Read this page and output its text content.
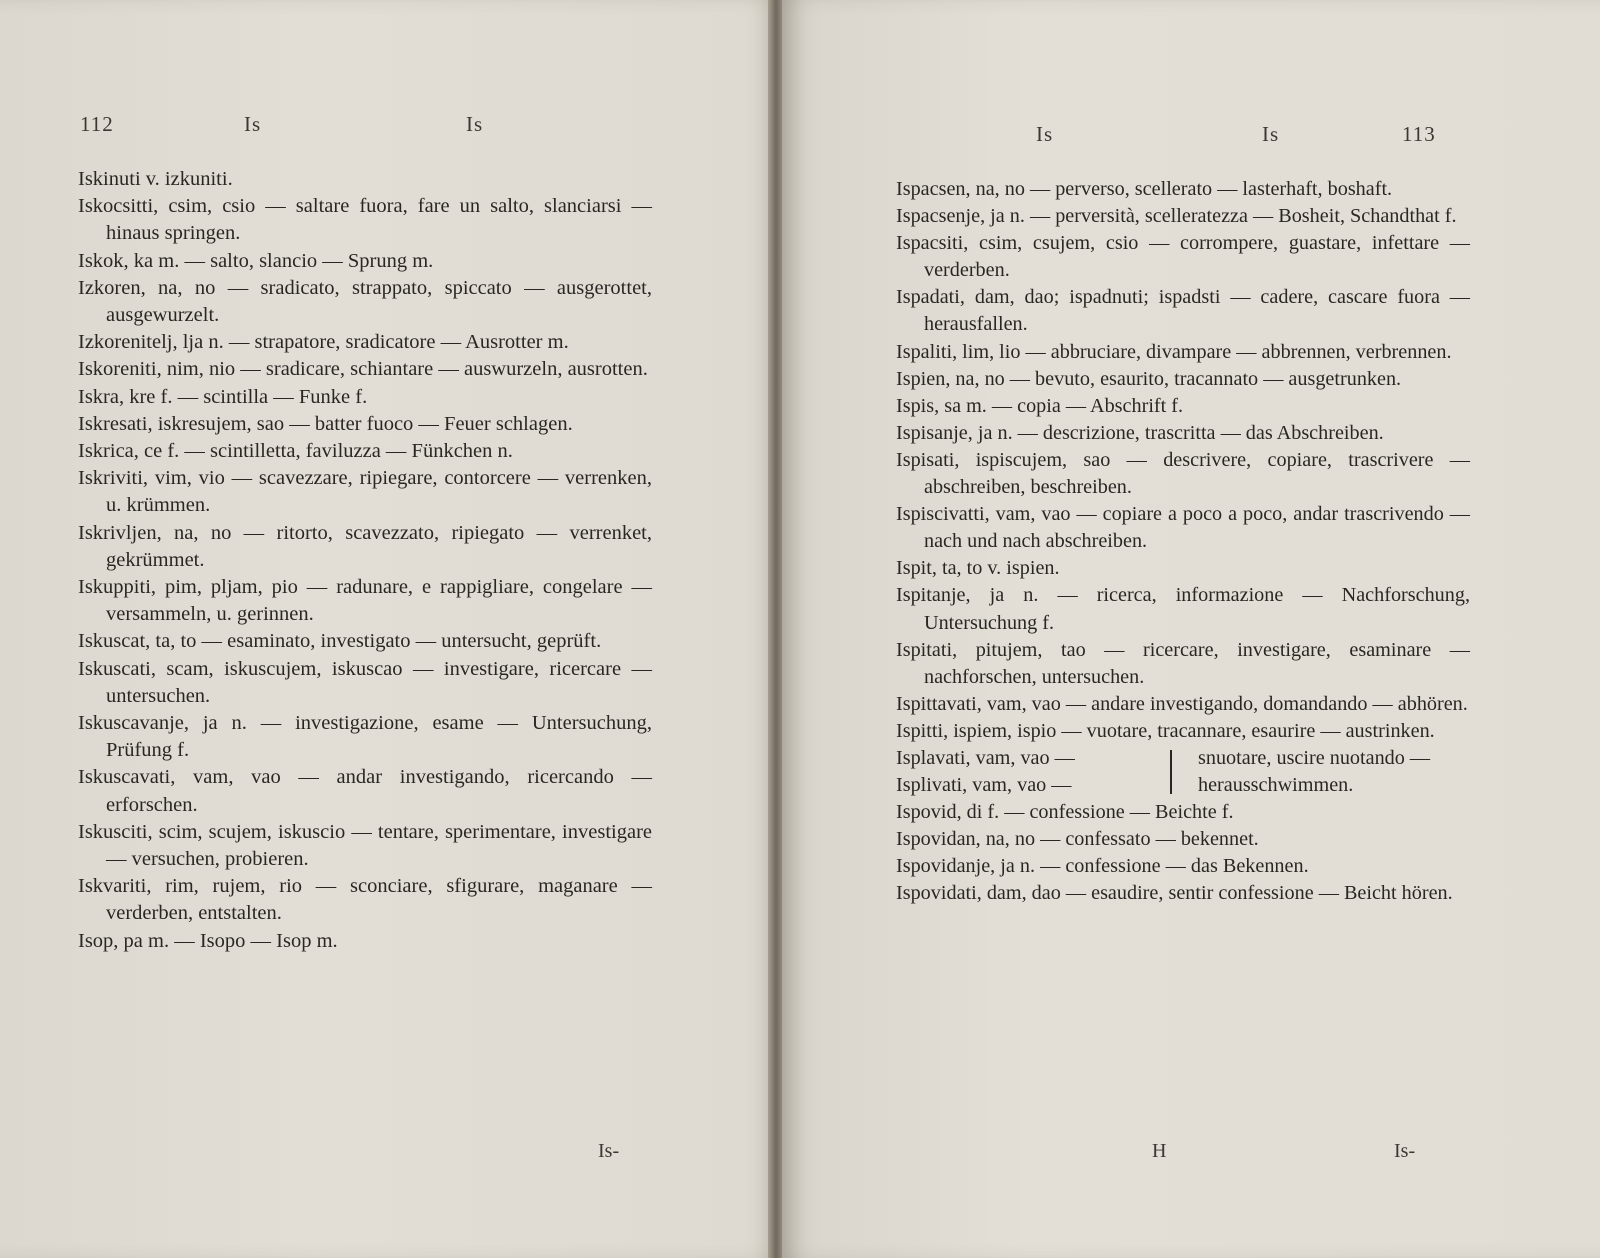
112	Is	Is
Iskinuti v. izkuniti.
Iskocsitti, csim, csio — saltare fuora, fare un salto, slanciarsi — hinaus springen.
Iskok, ka m. — salto, slancio — Sprung m.
Izkoren, na, no — sradicato, strappato, spiccato — ausgerottet, ausgewurzelt.
Izkorenitelj, lja n. — strapatore, sradicatore — Ausrotter m.
Iskoreniti, nim, nio — sradicare, schiantare — auswurzeln, ausrotten.
Iskra, kre f. — scintilla — Funke f.
Iskresati, iskresujem, sao — batter fuoco — Feuer schlagen.
Iskrica, ce f. — scintilletta, faviluzza — Fünkchen n.
Iskriviti, vim, vio — scavezzare, ripiegare, contorcere — verrenken, u. krümmen.
Iskrivljen, na, no — ritorto, scavezzato, ripiegato — verrenket, gekrümmet.
Iskuppiti, pim, pljam, pio — radunare, e rappigliare, congelare — versammeln, u. gerinnen.
Iskuscat, ta, to — esaminato, investigato — untersucht, geprüft.
Iskuscati, scam, iskuscujem, iskuscao — investigare, ricercare — untersuchen.
Iskuscavanje, ja n. — investigazione, esame — Untersuchung, Prüfung f.
Iskuscavati, vam, vao — andar investigando, ricercando — erforschen.
Iskusciti, scim, scujem, iskuscio — tentare, sperimentare, investigare — versuchen, probieren.
Iskvariti, rim, rujem, rio — sconciare, sfigurare, maganare — verderben, entstalten.
Isop, pa m. — Isopo — Isop m.
Is-
Is	Is	113
Ispacsen, na, no — perverso, scellerato — lasterhaft, boshaft.
Ispacsenje, ja n. — perversità, scelleratezza — Bosheit, Schandthat f.
Ispacsiti, csim, csujem, csio — corrompere, guastare, infettare — verderben.
Ispadati, dam, dao; ispadnuti; ispadsti — cadere, cascare fuora — herausfallen.
Ispaliti, lim, lio — abbruciare, divampare — abbrennen, verbrennen.
Ispien, na, no — bevuto, esaurito, tracannato — ausgetrunken.
Ispis, sa m. — copia — Abschrift f.
Ispisanje, ja n. — descrizione, trascritta — das Abschreiben.
Ispisati, ispiscujem, sao — descrivere, copiare, trascrivere — abschreiben, beschreiben.
Ispiscivatti, vam, vao — copiare a poco a poco, andar trascrivendo — nach und nach abschreiben.
Ispit, ta, to v. ispien.
Ispitanje, ja n. — ricerca, informazione — Nachforschung, Untersuchung f.
Ispitati, pitujem, tao — ricercare, investigare, esaminare — nachforschen, untersuchen.
Ispittavati, vam, vao — andare investigando, domandando — abhören.
Ispitti, ispiem, ispio — vuotare, tracannare, esaurire — austrinken.
Isplavati, vam, vao —
Isplivati, vam, vao —
snuotare, uscire nuotando — herausschwimmen.
Ispovid, di f. — confessione — Beichte f.
Ispovidan, na, no — confessato — bekennet.
Ispovidanje, ja n. — confessione — das Bekennen.
Ispovidati, dam, dao — esaudire, sentir confessione — Beicht hören.
H	Is-
